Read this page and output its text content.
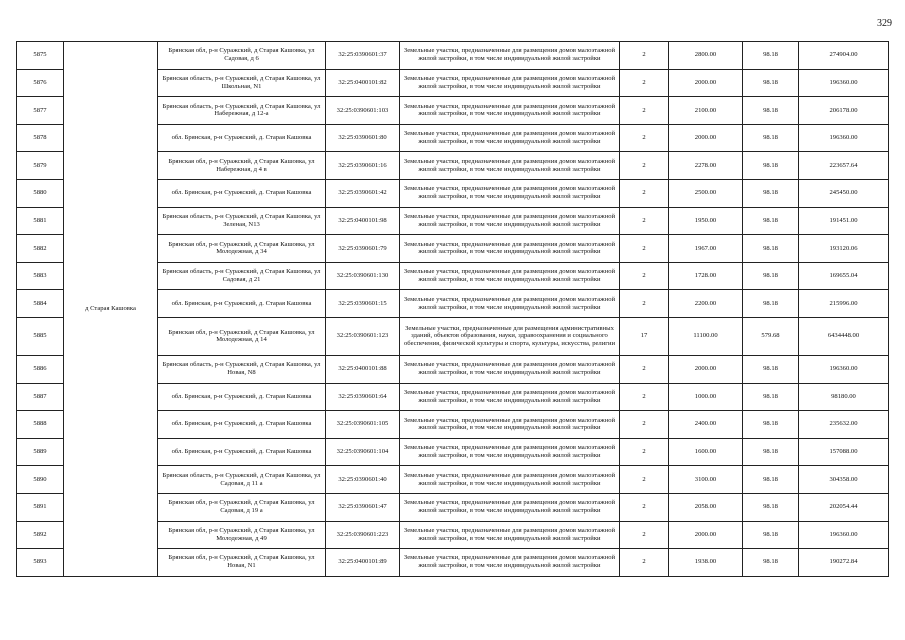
329
5875	д Старая Кашовка	Брянская обл, р-н Суражский, д Старая Кашовка, ул Садовая, д 6	32:25:0390601:37	Земельные участки, предназначенные для размещения домов малоэтажной жилой застройки, в том числе индивидуальной жилой застройки	2	2800.00	98.18	274904.00
5876		Брянская область, р-н Суражский, д Старая Кашовка, ул Школьная, N1	32:25:0400101:82	Земельные участки, предназначенные для размещения домов малоэтажной жилой застройки, в том числе индивидуальной жилой застройки	2	2000.00	98.18	196360.00
5877		Брянская область, р-н Суражский, д Старая Кашовка, ул Набережная, д 12-а	32:25:0390601:103	Земельные участки, предназначенные для размещения домов малоэтажной жилой застройки, в том числе индивидуальной жилой застройки	2	2100.00	98.18	206178.00
5878		обл. Брянская, р-н Суражский, д. Старая Кашовка	32:25:0390601:80	Земельные участки, предназначенные для размещения домов малоэтажной жилой застройки, в том числе индивидуальной жилой застройки	2	2000.00	98.18	196360.00
5879		Брянская обл, р-н Суражский, д Старая Кашовка, ул Набережная, д 4 в	32:25:0390601:16	Земельные участки, предназначенные для размещения домов малоэтажной жилой застройки, в том числе индивидуальной жилой застройки	2	2278.00	98.18	223657.64
5880		обл. Брянская, р-н Суражский, д. Старая Кашовка	32:25:0390601:42	Земельные участки, предназначенные для размещения домов малоэтажной жилой застройки, в том числе индивидуальной жилой застройки	2	2500.00	98.18	245450.00
5881		Брянская область, р-н Суражский, д Старая Кашовка, ул Зеленая, N13	32:25:0400101:98	Земельные участки, предназначенные для размещения домов малоэтажной жилой застройки, в том числе индивидуальной жилой застройки	2	1950.00	98.18	191451.00
5882		Брянская обл, р-н Суражский, д Старая Кашовка, ул Молодежная, д 34	32:25:0390601:79	Земельные участки, предназначенные для размещения домов малоэтажной жилой застройки, в том числе индивидуальной жилой застройки	2	1967.00	98.18	193120.06
5883		Брянская область, р-н Суражский, д Старая Кашовка, ул Садовая, д 21	32:25:0390601:130	Земельные участки, предназначенные для размещения домов малоэтажной жилой застройки, в том числе индивидуальной жилой застройки	2	1728.00	98.18	169655.04
5884		обл. Брянская, р-н Суражский, д. Старая Кашовка	32:25:0390601:15	Земельные участки, предназначенные для размещения домов малоэтажной жилой застройки, в том числе индивидуальной жилой застройки	2	2200.00	98.18	215996.00
5885		Брянская обл, р-н Суражский, д Старая Кашовка, ул Молодежная, д 14	32:25:0390601:123	Земельные участки, предназначенные для размещения административных зданий, объектов образования, науки, здравоохранения и социального обеспечения, физической культуры и спорта, культуры, искусства, религии	17	11100.00	579.68	6434448.00
5886		Брянская область, р-н Суражский, д Старая Кашовка, ул Новая, N8	32:25:0400101:88	Земельные участки, предназначенные для размещения домов малоэтажной жилой застройки, в том числе индивидуальной жилой застройки	2	2000.00	98.18	196360.00
5887		обл. Брянская, р-н Суражский, д. Старая Кашовка	32:25:0390601:64	Земельные участки, предназначенные для размещения домов малоэтажной жилой застройки, в том числе индивидуальной жилой застройки	2	1000.00	98.18	98180.00
5888		обл. Брянская, р-н Суражский, д. Старая Кашовка	32:25:0390601:105	Земельные участки, предназначенные для размещения домов малоэтажной жилой застройки, в том числе индивидуальной жилой застройки	2	2400.00	98.18	235632.00
5889		обл. Брянская, р-н Суражский, д. Старая Кашовка	32:25:0390601:104	Земельные участки, предназначенные для размещения домов малоэтажной жилой застройки, в том числе индивидуальной жилой застройки	2	1600.00	98.18	157088.00
5890		Брянская область, р-н Суражский, д Старая Кашовка, ул Садовая, д 11 а	32:25:0390601:40	Земельные участки, предназначенные для размещения домов малоэтажной жилой застройки, в том числе индивидуальной жилой застройки	2	3100.00	98.18	304358.00
5891		Брянская обл, р-н Суражский, д Старая Кашовка, ул Садовая, д 19 а	32:25:0390601:47	Земельные участки, предназначенные для размещения домов малоэтажной жилой застройки, в том числе индивидуальной жилой застройки	2	2058.00	98.18	202054.44
5892		Брянская обл, р-н Суражский, д Старая Кашовка, ул Молодежная, д 49	32:25:0390601:223	Земельные участки, предназначенные для размещения домов малоэтажной жилой застройки, в том числе индивидуальной жилой застройки	2	2000.00	98.18	196360.00
5893		Брянская обл, р-н Суражский, д Старая Кашовка, ул Новая, N1	32:25:0400101:89	Земельные участки, предназначенные для размещения домов малоэтажной жилой застройки, в том числе индивидуальной жилой застройки	2	1938.00	98.18	190272.84
